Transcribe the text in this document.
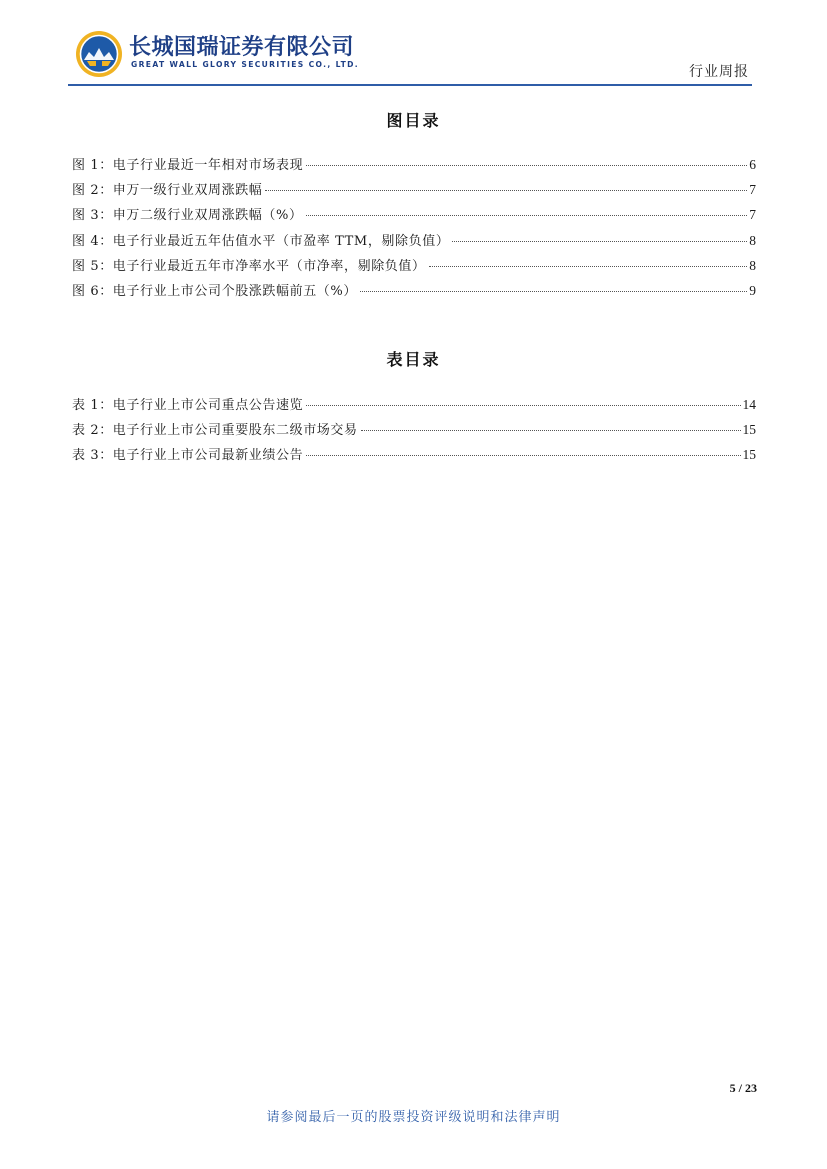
长城国瑞证券有限公司
GREAT WALL GLORY SECURITIES CO., LTD.	行业周报
图目录
图 1：电子行业最近一年相对市场表现	6
图 2：申万一级行业双周涨跌幅	7
图 3：申万二级行业双周涨跌幅（%）	7
图 4：电子行业最近五年估值水平（市盈率 TTM，剔除负值）	8
图 5：电子行业最近五年市净率水平（市净率，剔除负值）	8
图 6：电子行业上市公司个股涨跌幅前五（%）	9
表目录
表 1：电子行业上市公司重点公告速览	14
表 2：电子行业上市公司重要股东二级市场交易	15
表 3：电子行业上市公司最新业绩公告	15
5 / 23
请参阅最后一页的股票投资评级说明和法律声明
